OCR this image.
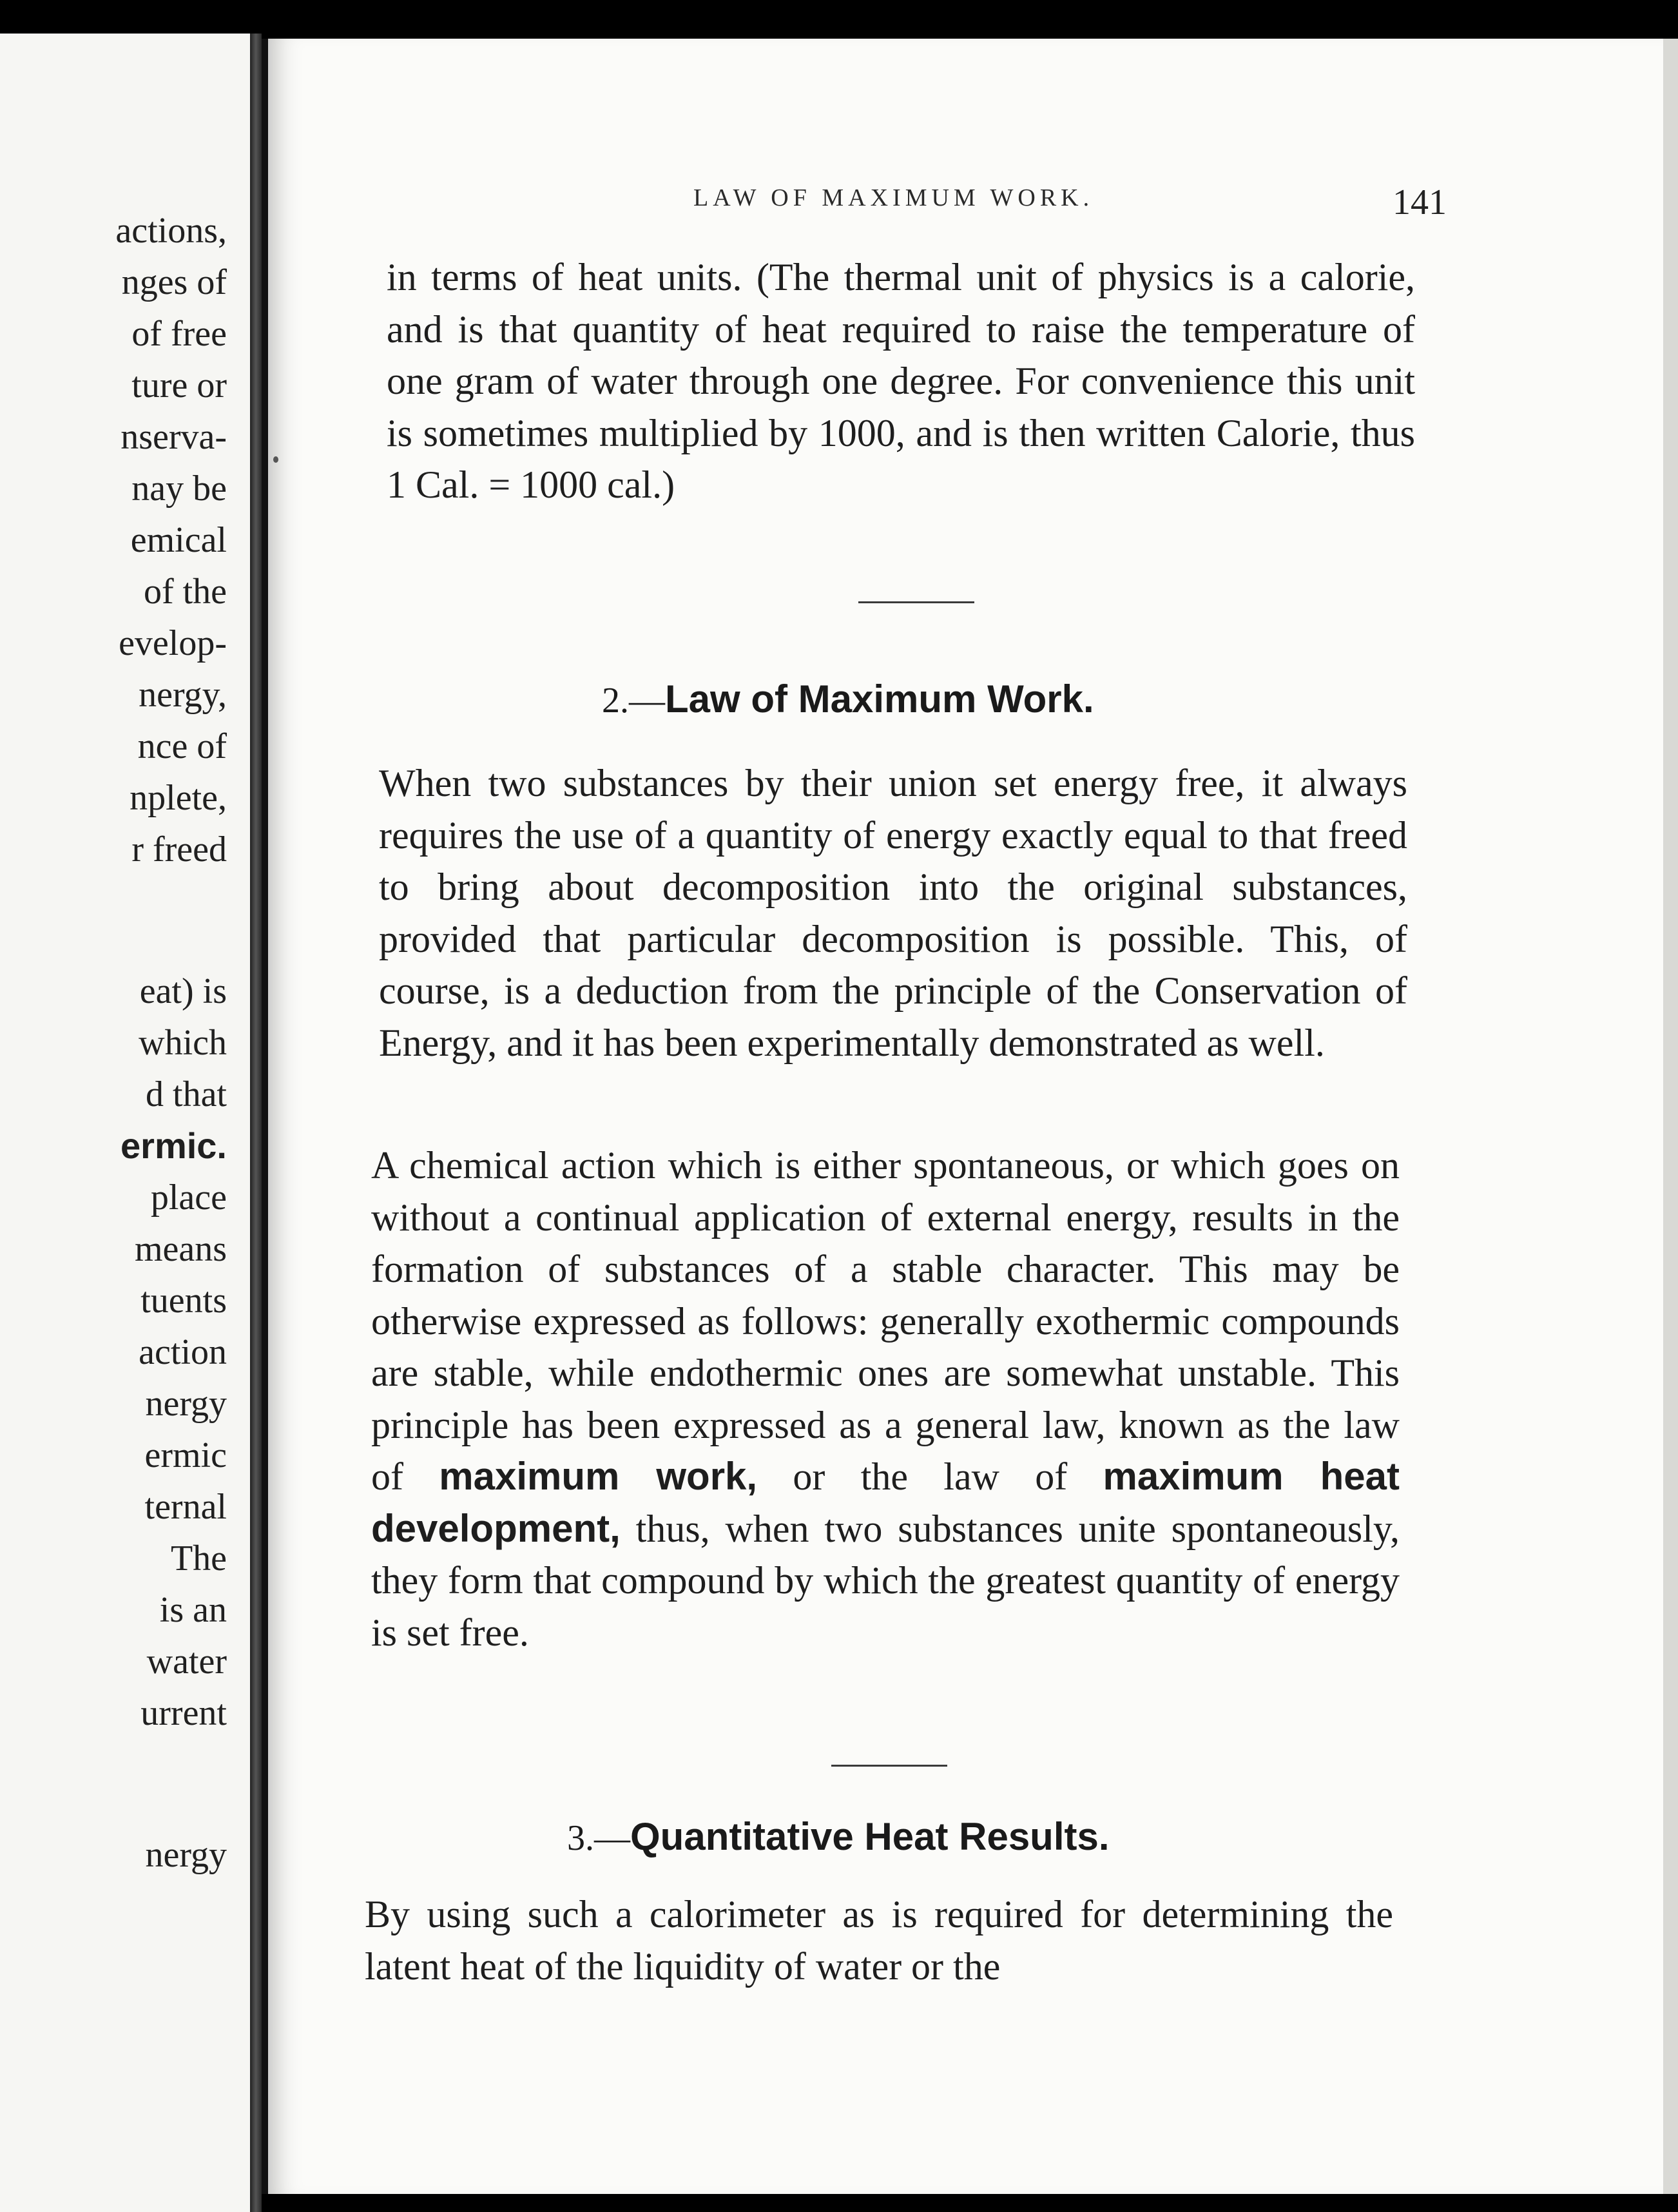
actions,

nges of

of free

ture or

nserva-

nay be

emical

of the

evelop-

nergy,

nce of

nplete,

r freed

eat) is

which

d that

ermic.

place

means

tuents

action

nergy

ermic

ternal

The

is an

water

urrent

nergy

LAW OF MAXIMUM WORK.	141

in terms of heat units. (The thermal unit of physics is a calorie, and is that quantity of heat required to raise the temperature of one gram of water through one degree. For convenience this unit is sometimes multiplied by 1000, and is then written Calorie, thus 1 Cal. = 1000 cal.)

2.—Law of Maximum Work.

When two substances by their union set energy free, it always requires the use of a quantity of energy exactly equal to that freed to bring about decomposition into the original substances, provided that particular decomposition is possible. This, of course, is a deduction from the principle of the Conservation of Energy, and it has been experimentally demonstrated as well.

A chemical action which is either spontaneous, or which goes on without a continual application of external energy, results in the formation of substances of a stable character. This may be otherwise expressed as follows: generally exothermic compounds are stable, while endothermic ones are somewhat unstable. This principle has been expressed as a general law, known as the law of maximum work, or the law of maximum heat development, thus, when two substances unite spontaneously, they form that compound by which the greatest quantity of energy is set free.

3.—Quantitative Heat Results.

By using such a calorimeter as is required for determining the latent heat of the liquidity of water or the
